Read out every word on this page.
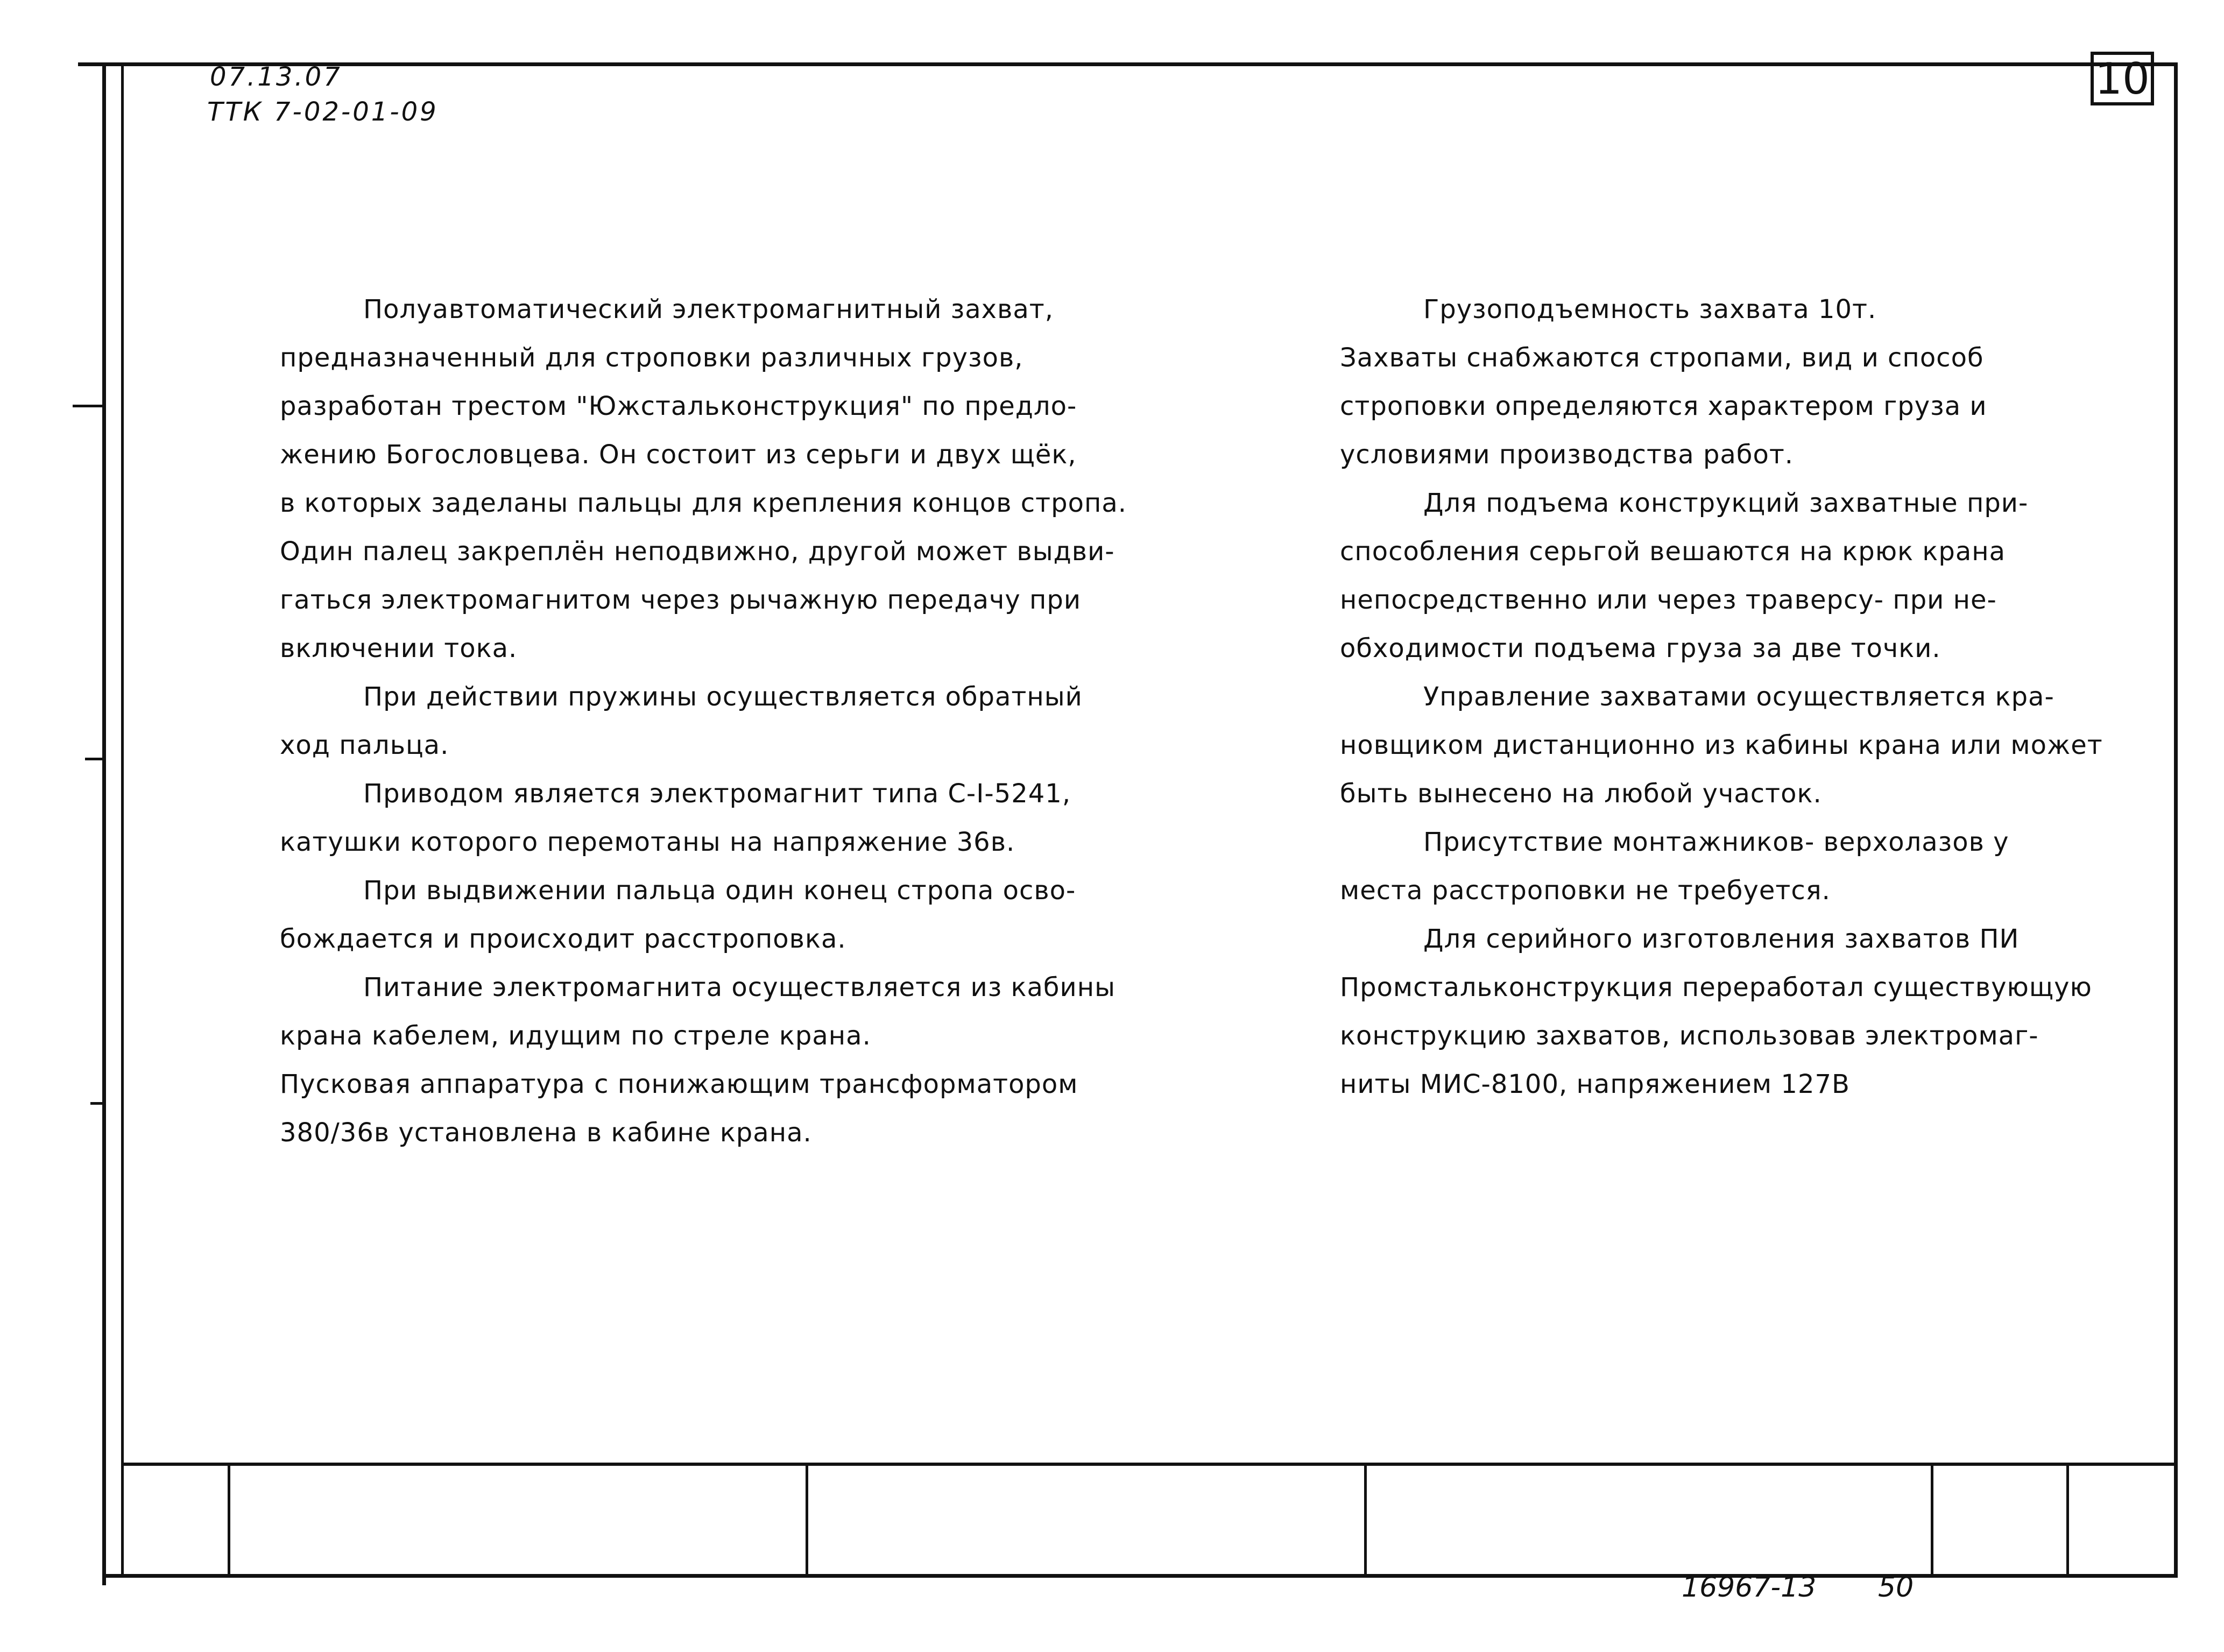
07.13.07
ТТК 7-02-01-09
10

Полуавтоматический электромагнитный захват,

предназначенный для строповки различных грузов,

разработан трестом "Южстальконструкция" по предло-

жению Богословцева. Он состоит из серьги и двух щёк,

в которых заделаны пальцы для крепления концов стропа.

Один палец закреплён неподвижно, другой может выдви-

гаться электромагнитом через рычажную передачу при

включении тока.

При действии пружины осуществляется обратный

ход пальца.

Приводом является электромагнит типа С-I-5241,

катушки которого перемотаны на напряжение 36в.

При выдвижении пальца один конец стропа осво-

бождается и происходит расстроповка.

Питание электромагнита осуществляется из кабины

крана кабелем, идущим по стреле крана.

Пусковая аппаратура с понижающим трансформатором

380/36в установлена в кабине крана.

Грузоподъемность захвата 10т.

Захваты снабжаются стропами, вид и способ

строповки определяются характером груза и

условиями производства работ.

Для подъема конструкций захватные при-

способления серьгой вешаются на крюк крана

непосредственно или через траверсу- при не-

обходимости подъема груза за две точки.

Управление захватами осуществляется кра-

новщиком дистанционно из кабины крана или может

быть вынесено на любой участок.

Присутствие монтажников- верхолазов у

места расстроповки не требуется.

Для серийного изготовления захватов ПИ

Промстальконструкция переработал существующую

конструкцию захватов, использовав электромаг-

ниты МИС-8100, напряжением 127В

16967-13 50
